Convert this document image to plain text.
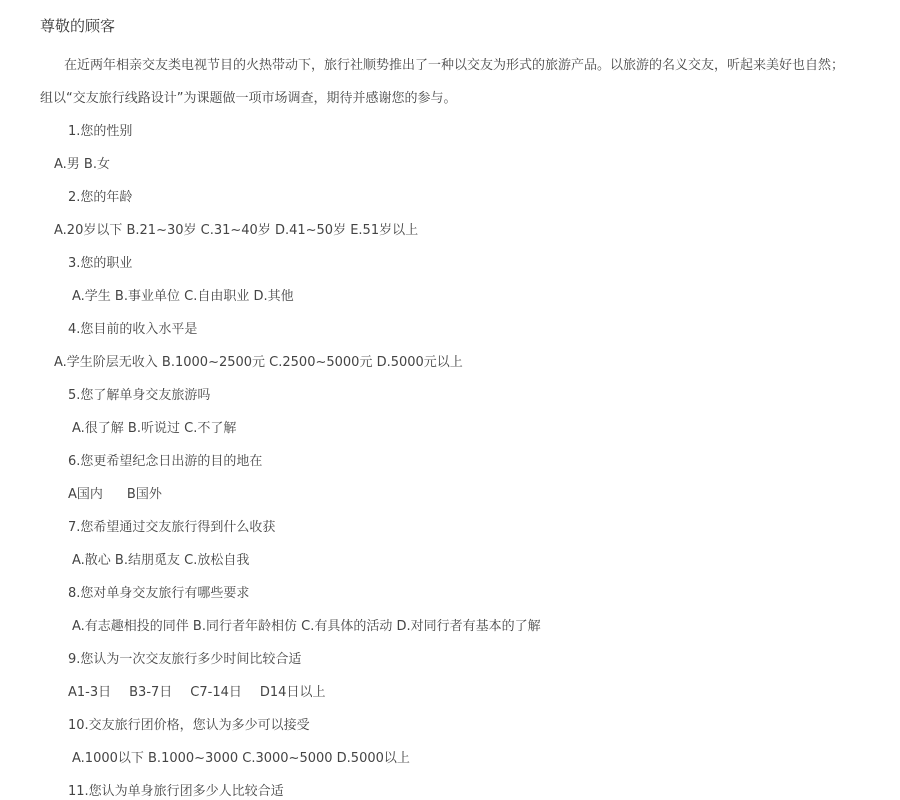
尊敬的顾客
在近两年相亲交友类电视节目的火热带动下，旅行社顺势推出了一种以交友为形式的旅游产品。以旅游的名义交友，听起来美好也自然；
组以“交友旅行线路设计”为课题做一项市场调查，期待并感谢您的参与。
1.您的性别
A.男 B.女
2.您的年龄
A.20岁以下 B.21~30岁 C.31~40岁 D.41~50岁 E.51岁以上
3.您的职业
A.学生 B.事业单位 C.自由职业 D.其他
4.您目前的收入水平是
A.学生阶层无收入 B.1000~2500元 C.2500~5000元 D.5000元以上
5.您了解单身交友旅游吗
A.很了解 B.听说过 C.不了解
6.您更希望纪念日出游的目的地在
A国内 B国外
7.您希望通过交友旅行得到什么收获
A.散心 B.结朋觅友 C.放松自我
8.您对单身交友旅行有哪些要求
A.有志趣相投的同伴 B.同行者年龄相仿 C.有具体的活动 D.对同行者有基本的了解
9.您认为一次交友旅行多少时间比较合适
A1-3日 B3-7日 C7-14日 D14日以上
10.交友旅行团价格，您认为多少可以接受
A.1000以下 B.1000~3000 C.3000~5000 D.5000以上
11.您认为单身旅行团多少人比较合适
